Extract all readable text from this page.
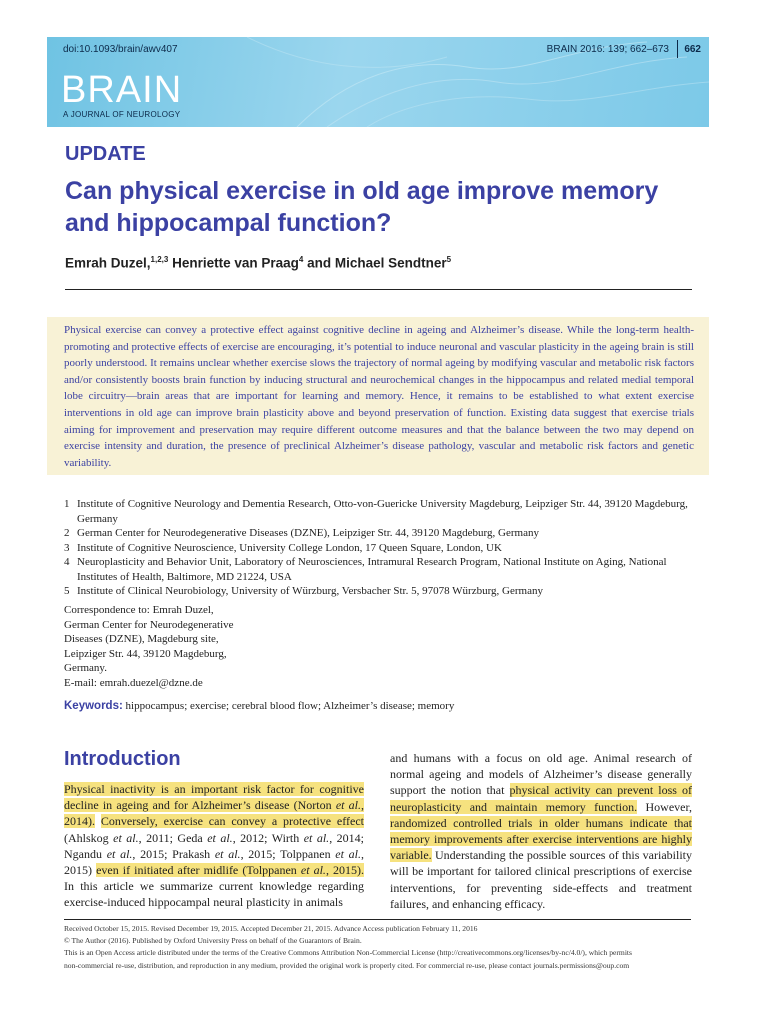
doi:10.1093/brain/awv407	BRAIN 2016: 139; 662–673 662
BRAIN
A JOURNAL OF NEUROLOGY
UPDATE
Can physical exercise in old age improve memory and hippocampal function?
Emrah Duzel,$^{1,2,3}$ Henriette van Praag$^4$ and Michael Sendtner$^5$

Physical exercise can convey a protective effect against cognitive decline in ageing and Alzheimer’s disease. While the long-term health-promoting and protective effects of exercise are encouraging, it’s potential to induce neuronal and vascular plasticity in the ageing brain is still poorly understood. It remains unclear whether exercise slows the trajectory of normal ageing by modifying vascular and metabolic risk factors and/or consistently boosts brain function by inducing structural and neurochemical changes in the hippocampus and related medial temporal lobe circuitry—brain areas that are important for learning and memory. Hence, it remains to be established to what extent exercise interventions in old age can improve brain plasticity above and beyond preservation of function. Existing data suggest that exercise trials aiming for improvement and preservation may require different outcome measures and that the balance between the two may depend on exercise intensity and duration, the presence of preclinical Alzheimer’s disease pathology, vascular and metabolic risk factors and genetic variability.

1 Institute of Cognitive Neurology and Dementia Research, Otto-von-Guericke University Magdeburg, Leipziger Str. 44, 39120 Magdeburg, Germany
2 German Center for Neurodegenerative Diseases (DZNE), Leipziger Str. 44, 39120 Magdeburg, Germany
3 Institute of Cognitive Neuroscience, University College London, 17 Queen Square, London, UK
4 Neuroplasticity and Behavior Unit, Laboratory of Neurosciences, Intramural Research Program, National Institute on Aging, National Institutes of Health, Baltimore, MD 21224, USA
5 Institute of Clinical Neurobiology, University of Würzburg, Versbacher Str. 5, 97078 Würzburg, Germany
Correspondence to: Emrah Duzel,
German Center for Neurodegenerative
Diseases (DZNE), Magdeburg site,
Leipziger Str. 44, 39120 Magdeburg,
Germany.
E-mail: emrah.duezel@dzne.de
Keywords: hippocampus; exercise; cerebral blood flow; Alzheimer’s disease; memory
Introduction
Physical inactivity is an important risk factor for cognitive decline in ageing and for Alzheimer’s disease (Norton et al., 2014). Conversely, exercise can convey a protective effect (Ahlskog et al., 2011; Geda et al., 2012; Wirth et al., 2014; Ngandu et al., 2015; Prakash et al., 2015; Tolppanen et al., 2015) even if initiated after midlife (Tolppanen et al., 2015). In this article we summarize current knowledge regarding exercise-induced hippocampal neural plasticity in animals
and humans with a focus on old age. Animal research of normal ageing and models of Alzheimer’s disease generally support the notion that physical activity can prevent loss of neuroplasticity and maintain memory function. However, randomized controlled trials in older humans indicate that memory improvements after exercise interventions are highly variable. Understanding the possible sources of this variability will be important for tailored clinical prescriptions of exercise interventions, for preventing side-effects and treatment failures, and enhancing efficacy.
Received October 15, 2015. Revised December 19, 2015. Accepted December 21, 2015. Advance Access publication February 11, 2016
© The Author (2016). Published by Oxford University Press on behalf of the Guarantors of Brain.
This is an Open Access article distributed under the terms of the Creative Commons Attribution Non-Commercial License (http://creativecommons.org/licenses/by-nc/4.0/), which permits
non-commercial re-use, distribution, and reproduction in any medium, provided the original work is properly cited. For commercial re-use, please contact journals.permissions@oup.com
